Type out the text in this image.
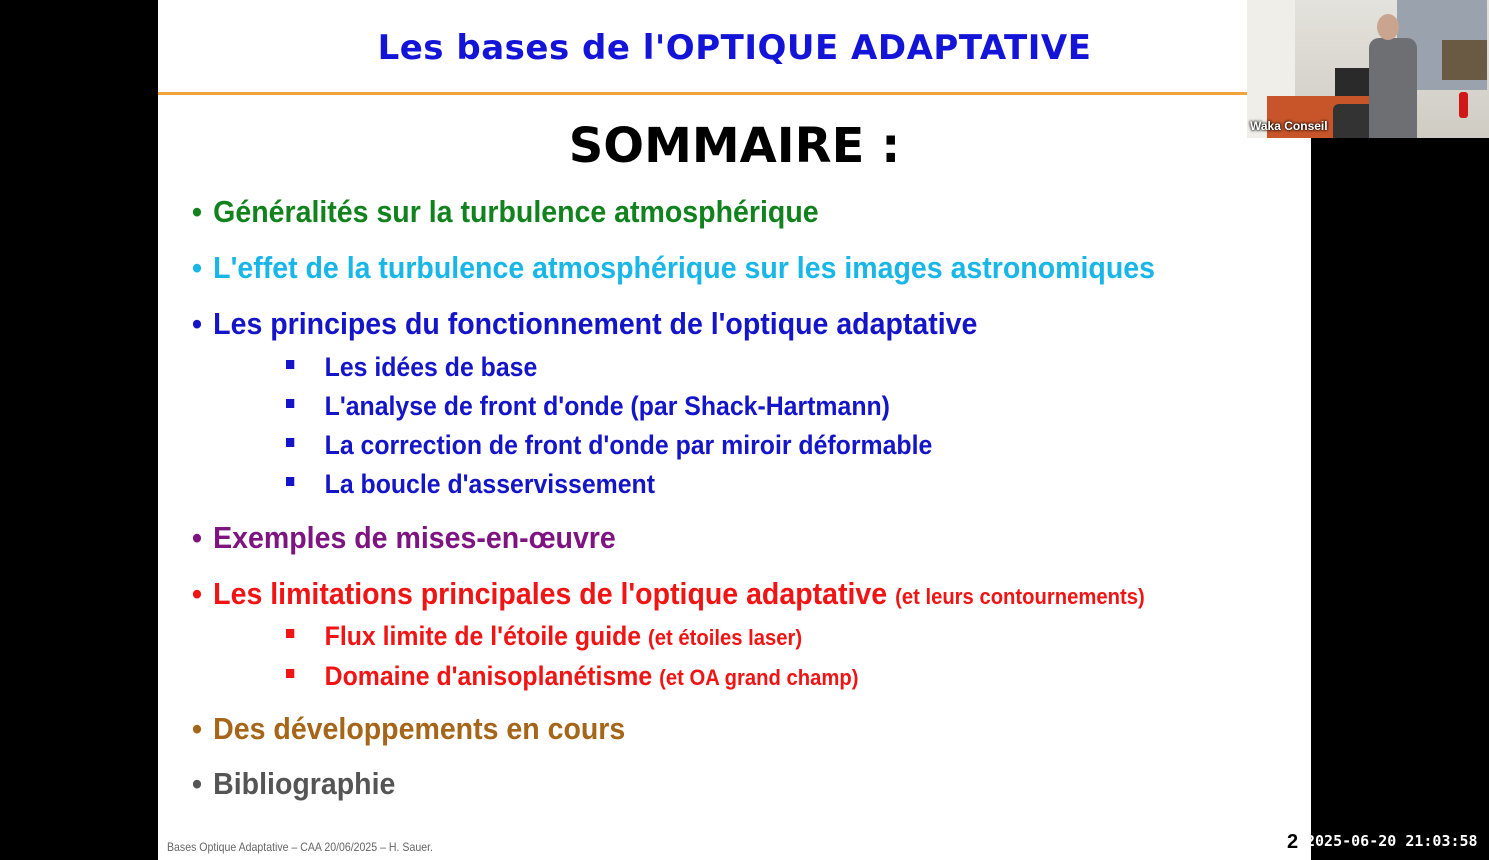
Les bases de l'OPTIQUE ADAPTATIVE
SOMMAIRE :
• Généralités sur la turbulence atmosphérique
• L'effet de la turbulence atmosphérique sur les images astronomiques
• Les principes du fonctionnement de l'optique adaptative
Les idées de base
L'analyse de front d'onde (par Shack-Hartmann)
La correction de front d'onde par miroir déformable
La boucle d'asservissement
• Exemples de mises-en-œuvre
• Les limitations principales de l'optique adaptative (et leurs contournements)
Flux limite de l'étoile guide (et étoiles laser)
Domaine d'anisoplanétisme (et OA grand champ)
• Des développements en cours
• Bibliographie
Bases Optique Adaptative – CAA 20/06/2025 – H. Sauer.	2 2025-06-20 21:03:58
Waka Conseil
